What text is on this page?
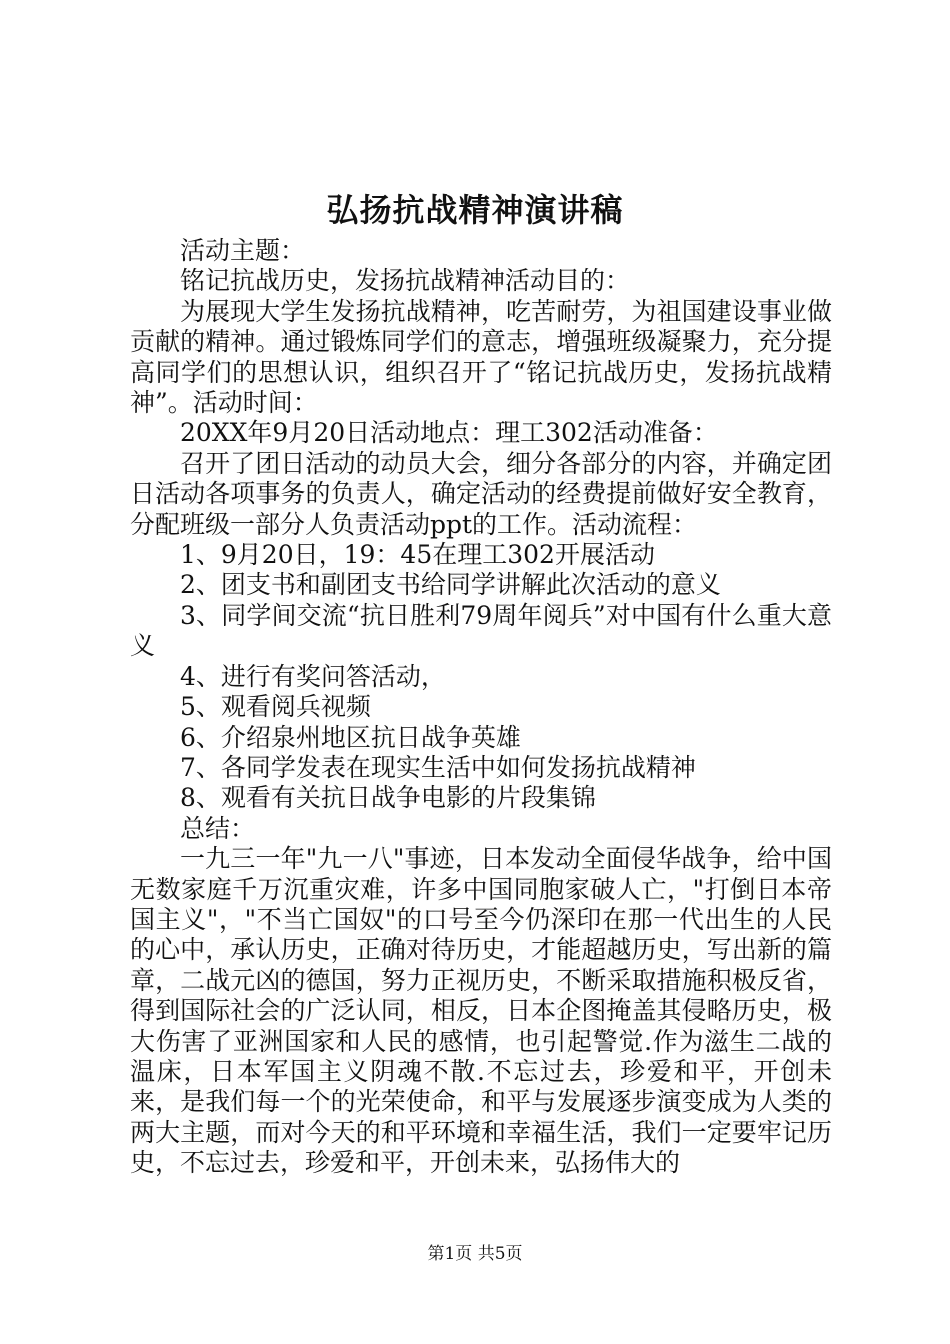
弘扬抗战精神演讲稿

活动主题：

铭记抗战历史，发扬抗战精神活动目的：

为展现大学生发扬抗战精神，吃苦耐劳，为祖国建设事业做贡献的精神。通过锻炼同学们的意志，增强班级凝聚力，充分提高同学们的思想认识，组织召开了“铭记抗战历史，发扬抗战精神”。活动时间：

20XX年9月20日活动地点：理工302活动准备：

召开了团日活动的动员大会，细分各部分的内容，并确定团日活动各项事务的负责人，确定活动的经费提前做好安全教育，分配班级一部分人负责活动ppt的工作。活动流程：

1、9月20日，19：45在理工302开展活动

2、团支书和副团支书给同学讲解此次活动的意义

3、同学间交流“抗日胜利79周年阅兵”对中国有什么重大意义

4、进行有奖问答活动，

5、观看阅兵视频

6、介绍泉州地区抗日战争英雄

7、各同学发表在现实生活中如何发扬抗战精神

8、观看有关抗日战争电影的片段集锦

总结：

一九三一年"九一八"事迹，日本发动全面侵华战争，给中国无数家庭千万沉重灾难，许多中国同胞家破人亡，"打倒日本帝国主义"，"不当亡国奴"的口号至今仍深印在那一代出生的人民的心中，承认历史，正确对待历史，才能超越历史，写出新的篇章，二战元凶的德国，努力正视历史，不断采取措施积极反省，得到国际社会的广泛认同，相反，日本企图掩盖其侵略历史，极大伤害了亚洲国家和人民的感情，也引起警觉.作为滋生二战的温床，日本军国主义阴魂不散.不忘过去，珍爱和平，开创未来，是我们每一个的光荣使命，和平与发展逐步演变成为人类的两大主题，而对今天的和平环境和幸福生活，我们一定要牢记历史，不忘过去，珍爱和平，开创未来，弘扬伟大的

第1页 共5页
